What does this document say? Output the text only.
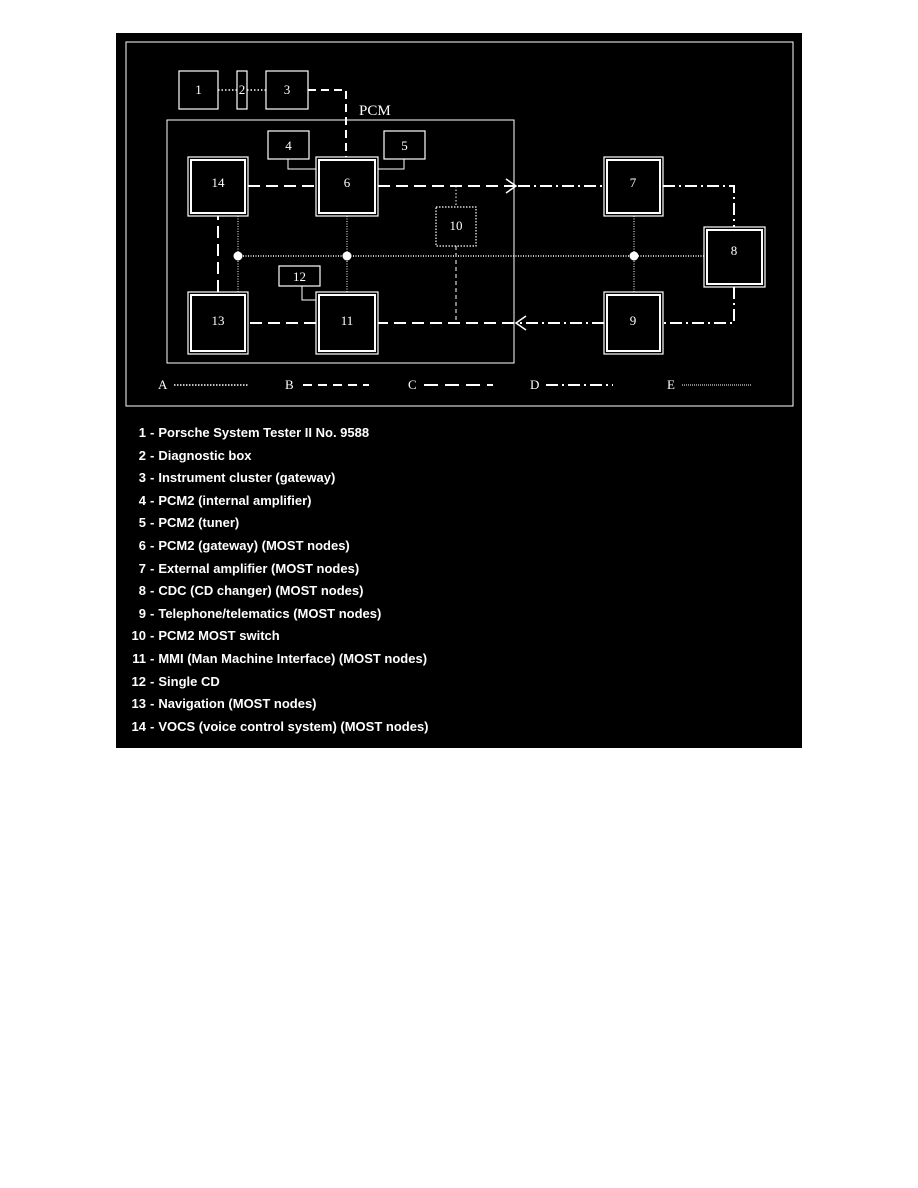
PCM
1	2	3
4	5
14	6
10
12
13	11
7
9
8
A	B	C	D	E
1 - Porsche System Tester II No. 9588
2 - Diagnostic box
3 - Instrument cluster (gateway)
4 - PCM2 (internal amplifier)
5 - PCM2 (tuner)
6 - PCM2 (gateway) (MOST nodes)
7 - External amplifier (MOST nodes)
8 - CDC (CD changer) (MOST nodes)
9 - Telephone/telematics (MOST nodes)
10 - PCM2 MOST switch
11 - MMI (Man Machine Interface) (MOST nodes)
12 - Single CD
13 - Navigation (MOST nodes)
14 - VOCS (voice control system) (MOST nodes)
